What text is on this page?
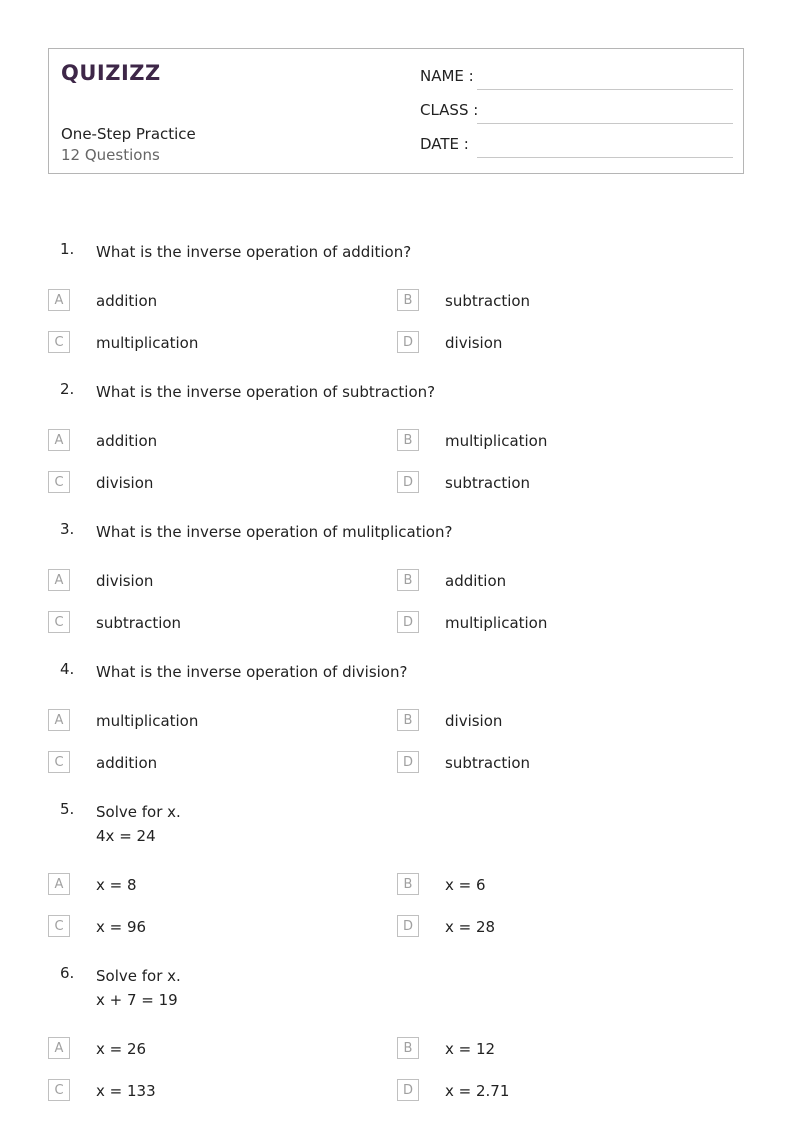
QUIZIZZ
One-Step Practice
12 Questions
NAME :
CLASS :
DATE :
1. What is the inverse operation of addition?
A	addition	B	subtraction
C	multiplication	D	division
2. What is the inverse operation of subtraction?
A	addition	B	multiplication
C	division	D	subtraction
3. What is the inverse operation of mulitplication?
A	division	B	addition
C	subtraction	D	multiplication
4. What is the inverse operation of division?
A	multiplication	B	division
C	addition	D	subtraction
5. Solve for x.
4x = 24
A	x = 8	B	x = 6
C	x = 96	D	x = 28
6. Solve for x.
x + 7 = 19
A	x = 26	B	x = 12
C	x = 133	D	x = 2.71
